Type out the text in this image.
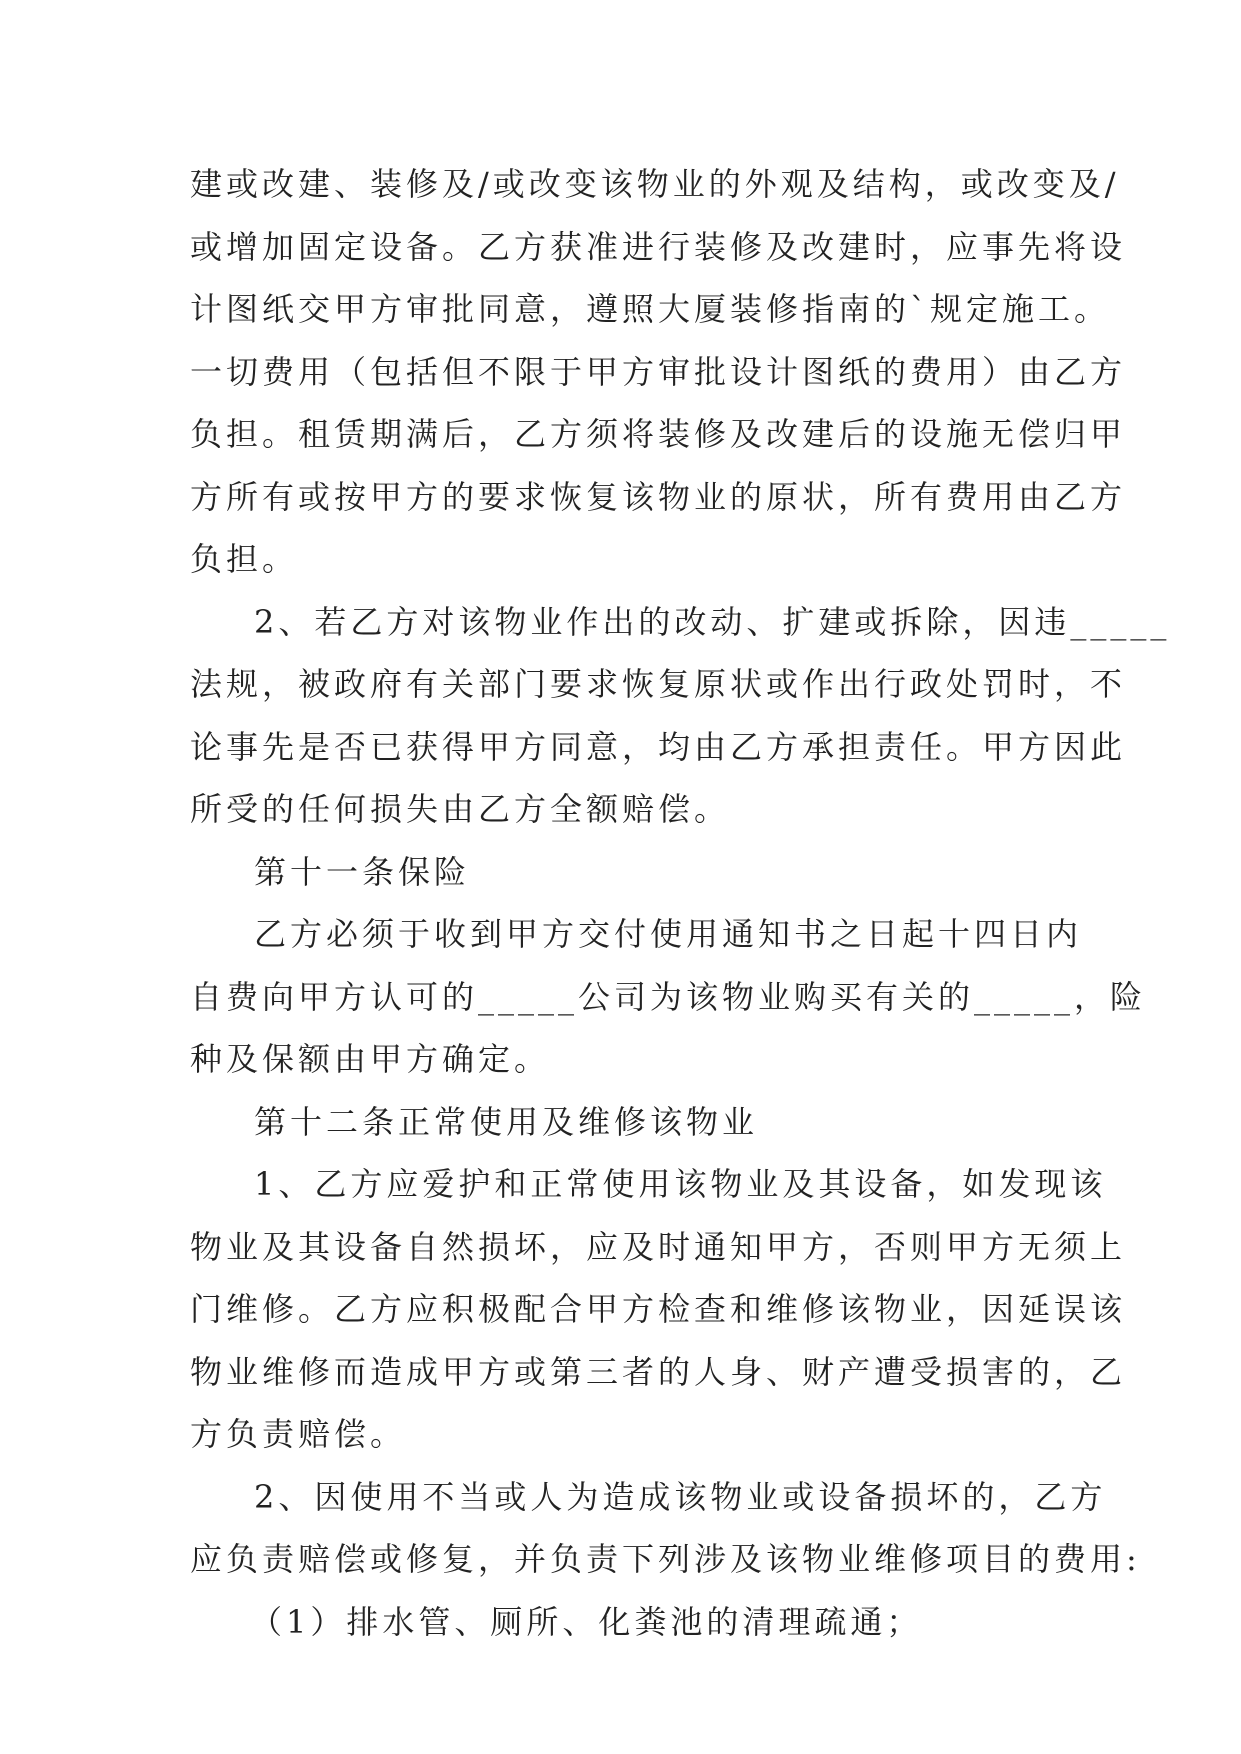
建或改建、装修及/或改变该物业的外观及结构，或改变及/
或增加固定设备。乙方获准进行装修及改建时，应事先将设
计图纸交甲方审批同意，遵照大厦装修指南的`规定施工。
一切费用（包括但不限于甲方审批设计图纸的费用）由乙方
负担。租赁期满后，乙方须将装修及改建后的设施无偿归甲
方所有或按甲方的要求恢复该物业的原状，所有费用由乙方
负担。
2、若乙方对该物业作出的改动、扩建或拆除，因违_____
法规，被政府有关部门要求恢复原状或作出行政处罚时，不
论事先是否已获得甲方同意，均由乙方承担责任。甲方因此
所受的任何损失由乙方全额赔偿。
第十一条保险
乙方必须于收到甲方交付使用通知书之日起十四日内
自费向甲方认可的_____公司为该物业购买有关的_____，险
种及保额由甲方确定。
第十二条正常使用及维修该物业
1、乙方应爱护和正常使用该物业及其设备，如发现该
物业及其设备自然损坏，应及时通知甲方，否则甲方无须上
门维修。乙方应积极配合甲方检查和维修该物业，因延误该
物业维修而造成甲方或第三者的人身、财产遭受损害的，乙
方负责赔偿。
2、因使用不当或人为造成该物业或设备损坏的，乙方
应负责赔偿或修复，并负责下列涉及该物业维修项目的费用:
（1）排水管、厕所、化粪池的清理疏通；
